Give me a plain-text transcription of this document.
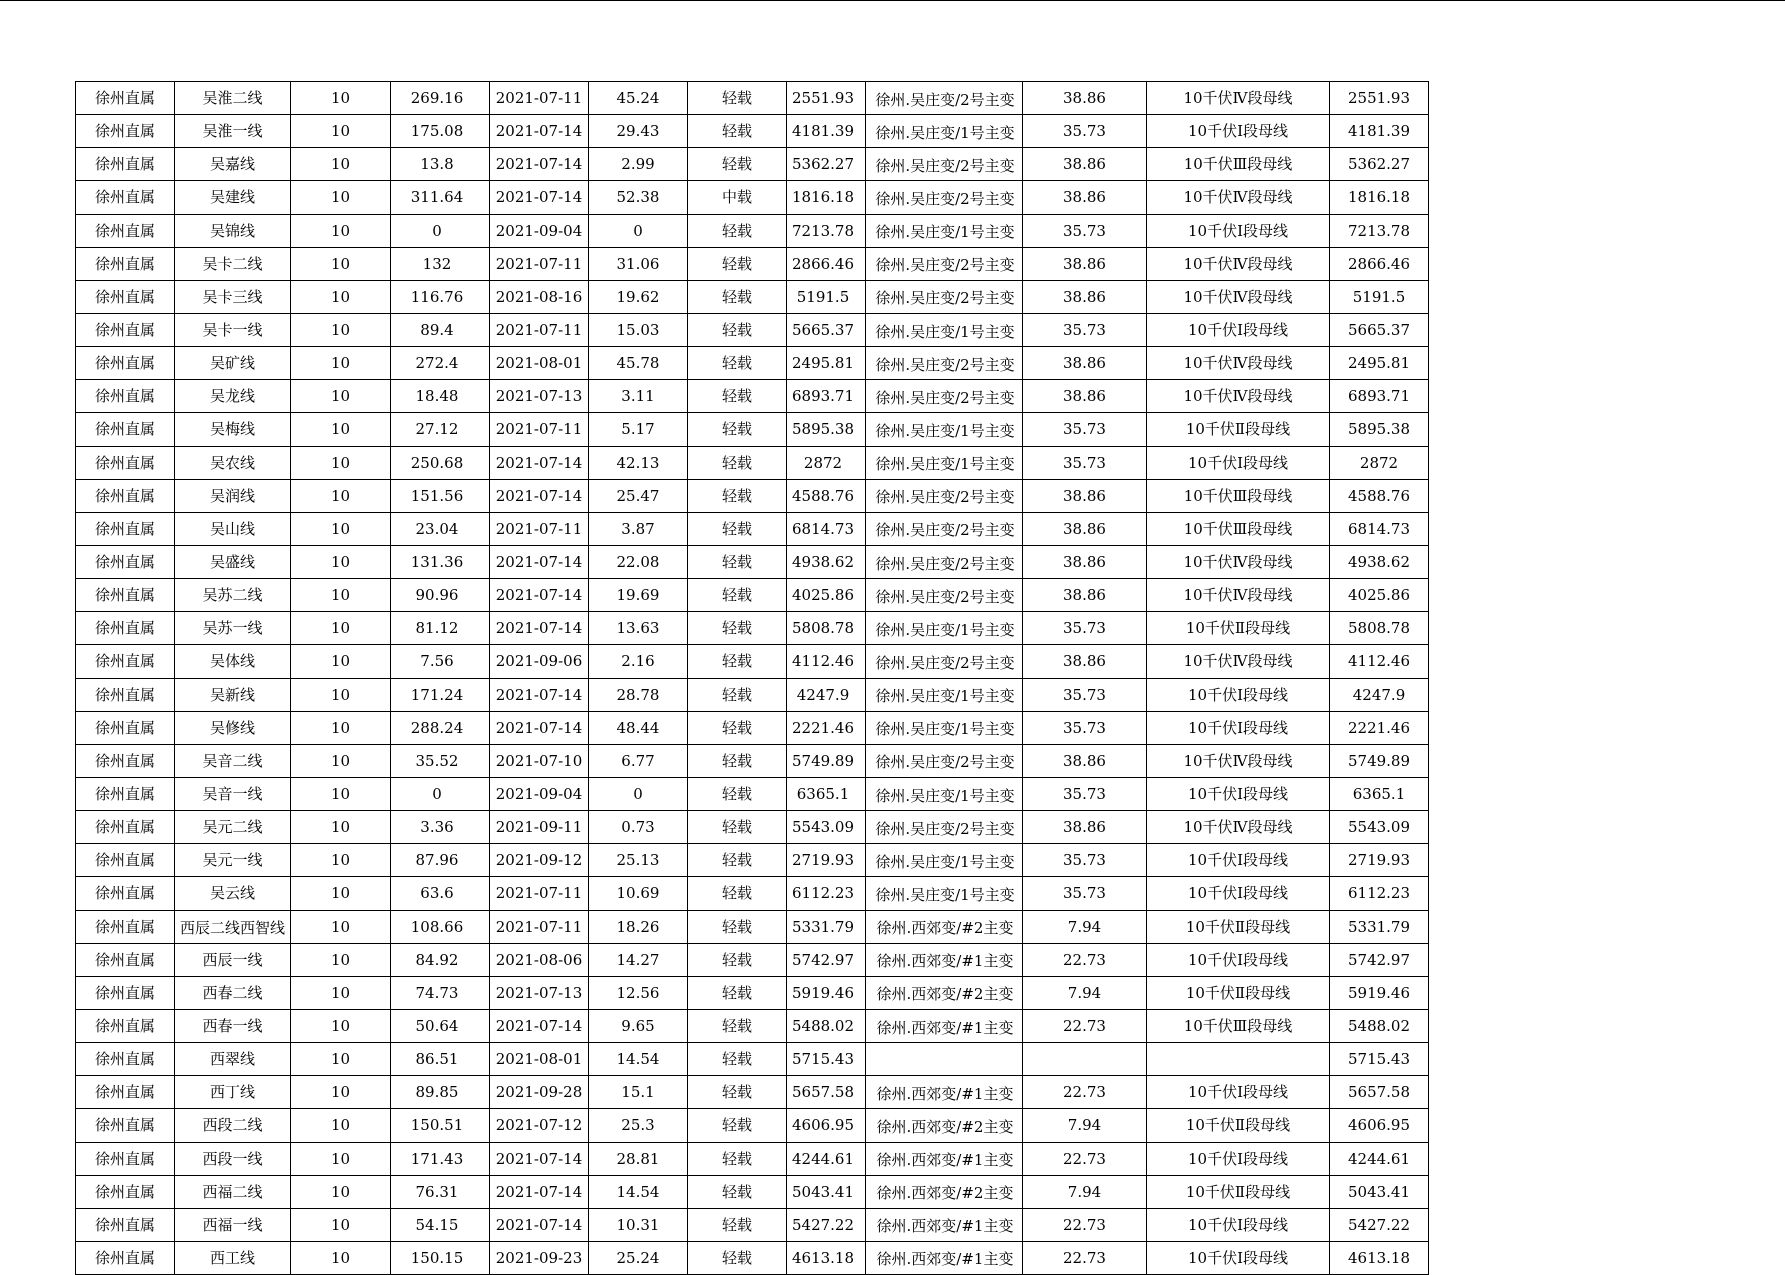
徐州直属	吴淮二线	10	269.16	2021-07-11	45.24	轻载	2551.93	徐州.吴庄变/2号主变	38.86	10千伏Ⅳ段母线	2551.93
徐州直属	吴淮一线	10	175.08	2021-07-14	29.43	轻载	4181.39	徐州.吴庄变/1号主变	35.73	10千伏Ⅰ段母线	4181.39
徐州直属	吴嘉线	10	13.8	2021-07-14	2.99	轻载	5362.27	徐州.吴庄变/2号主变	38.86	10千伏Ⅲ段母线	5362.27
徐州直属	吴建线	10	311.64	2021-07-14	52.38	中载	1816.18	徐州.吴庄变/2号主变	38.86	10千伏Ⅳ段母线	1816.18
徐州直属	吴锦线	10	0	2021-09-04	0	轻载	7213.78	徐州.吴庄变/1号主变	35.73	10千伏Ⅰ段母线	7213.78
徐州直属	吴卡二线	10	132	2021-07-11	31.06	轻载	2866.46	徐州.吴庄变/2号主变	38.86	10千伏Ⅳ段母线	2866.46
徐州直属	吴卡三线	10	116.76	2021-08-16	19.62	轻载	5191.5	徐州.吴庄变/2号主变	38.86	10千伏Ⅳ段母线	5191.5
徐州直属	吴卡一线	10	89.4	2021-07-11	15.03	轻载	5665.37	徐州.吴庄变/1号主变	35.73	10千伏Ⅰ段母线	5665.37
徐州直属	吴矿线	10	272.4	2021-08-01	45.78	轻载	2495.81	徐州.吴庄变/2号主变	38.86	10千伏Ⅳ段母线	2495.81
徐州直属	吴龙线	10	18.48	2021-07-13	3.11	轻载	6893.71	徐州.吴庄变/2号主变	38.86	10千伏Ⅳ段母线	6893.71
徐州直属	吴梅线	10	27.12	2021-07-11	5.17	轻载	5895.38	徐州.吴庄变/1号主变	35.73	10千伏Ⅱ段母线	5895.38
徐州直属	吴农线	10	250.68	2021-07-14	42.13	轻载	2872	徐州.吴庄变/1号主变	35.73	10千伏Ⅰ段母线	2872
徐州直属	吴润线	10	151.56	2021-07-14	25.47	轻载	4588.76	徐州.吴庄变/2号主变	38.86	10千伏Ⅲ段母线	4588.76
徐州直属	吴山线	10	23.04	2021-07-11	3.87	轻载	6814.73	徐州.吴庄变/2号主变	38.86	10千伏Ⅲ段母线	6814.73
徐州直属	吴盛线	10	131.36	2021-07-14	22.08	轻载	4938.62	徐州.吴庄变/2号主变	38.86	10千伏Ⅳ段母线	4938.62
徐州直属	吴苏二线	10	90.96	2021-07-14	19.69	轻载	4025.86	徐州.吴庄变/2号主变	38.86	10千伏Ⅳ段母线	4025.86
徐州直属	吴苏一线	10	81.12	2021-07-14	13.63	轻载	5808.78	徐州.吴庄变/1号主变	35.73	10千伏Ⅱ段母线	5808.78
徐州直属	吴体线	10	7.56	2021-09-06	2.16	轻载	4112.46	徐州.吴庄变/2号主变	38.86	10千伏Ⅳ段母线	4112.46
徐州直属	吴新线	10	171.24	2021-07-14	28.78	轻载	4247.9	徐州.吴庄变/1号主变	35.73	10千伏Ⅰ段母线	4247.9
徐州直属	吴修线	10	288.24	2021-07-14	48.44	轻载	2221.46	徐州.吴庄变/1号主变	35.73	10千伏Ⅰ段母线	2221.46
徐州直属	吴音二线	10	35.52	2021-07-10	6.77	轻载	5749.89	徐州.吴庄变/2号主变	38.86	10千伏Ⅳ段母线	5749.89
徐州直属	吴音一线	10	0	2021-09-04	0	轻载	6365.1	徐州.吴庄变/1号主变	35.73	10千伏Ⅰ段母线	6365.1
徐州直属	吴元二线	10	3.36	2021-09-11	0.73	轻载	5543.09	徐州.吴庄变/2号主变	38.86	10千伏Ⅳ段母线	5543.09
徐州直属	吴元一线	10	87.96	2021-09-12	25.13	轻载	2719.93	徐州.吴庄变/1号主变	35.73	10千伏Ⅰ段母线	2719.93
徐州直属	吴云线	10	63.6	2021-07-11	10.69	轻载	6112.23	徐州.吴庄变/1号主变	35.73	10千伏Ⅰ段母线	6112.23
徐州直属	西辰二线西智线	10	108.66	2021-07-11	18.26	轻载	5331.79	徐州.西郊变/#2主变	7.94	10千伏Ⅱ段母线	5331.79
徐州直属	西辰一线	10	84.92	2021-08-06	14.27	轻载	5742.97	徐州.西郊变/#1主变	22.73	10千伏Ⅰ段母线	5742.97
徐州直属	西春二线	10	74.73	2021-07-13	12.56	轻载	5919.46	徐州.西郊变/#2主变	7.94	10千伏Ⅱ段母线	5919.46
徐州直属	西春一线	10	50.64	2021-07-14	9.65	轻载	5488.02	徐州.西郊变/#1主变	22.73	10千伏Ⅲ段母线	5488.02
徐州直属	西翠线	10	86.51	2021-08-01	14.54	轻载	5715.43				5715.43
徐州直属	西丁线	10	89.85	2021-09-28	15.1	轻载	5657.58	徐州.西郊变/#1主变	22.73	10千伏Ⅰ段母线	5657.58
徐州直属	西段二线	10	150.51	2021-07-12	25.3	轻载	4606.95	徐州.西郊变/#2主变	7.94	10千伏Ⅱ段母线	4606.95
徐州直属	西段一线	10	171.43	2021-07-14	28.81	轻载	4244.61	徐州.西郊变/#1主变	22.73	10千伏Ⅰ段母线	4244.61
徐州直属	西福二线	10	76.31	2021-07-14	14.54	轻载	5043.41	徐州.西郊变/#2主变	7.94	10千伏Ⅱ段母线	5043.41
徐州直属	西福一线	10	54.15	2021-07-14	10.31	轻载	5427.22	徐州.西郊变/#1主变	22.73	10千伏Ⅰ段母线	5427.22
徐州直属	西工线	10	150.15	2021-09-23	25.24	轻载	4613.18	徐州.西郊变/#1主变	22.73	10千伏Ⅰ段母线	4613.18
